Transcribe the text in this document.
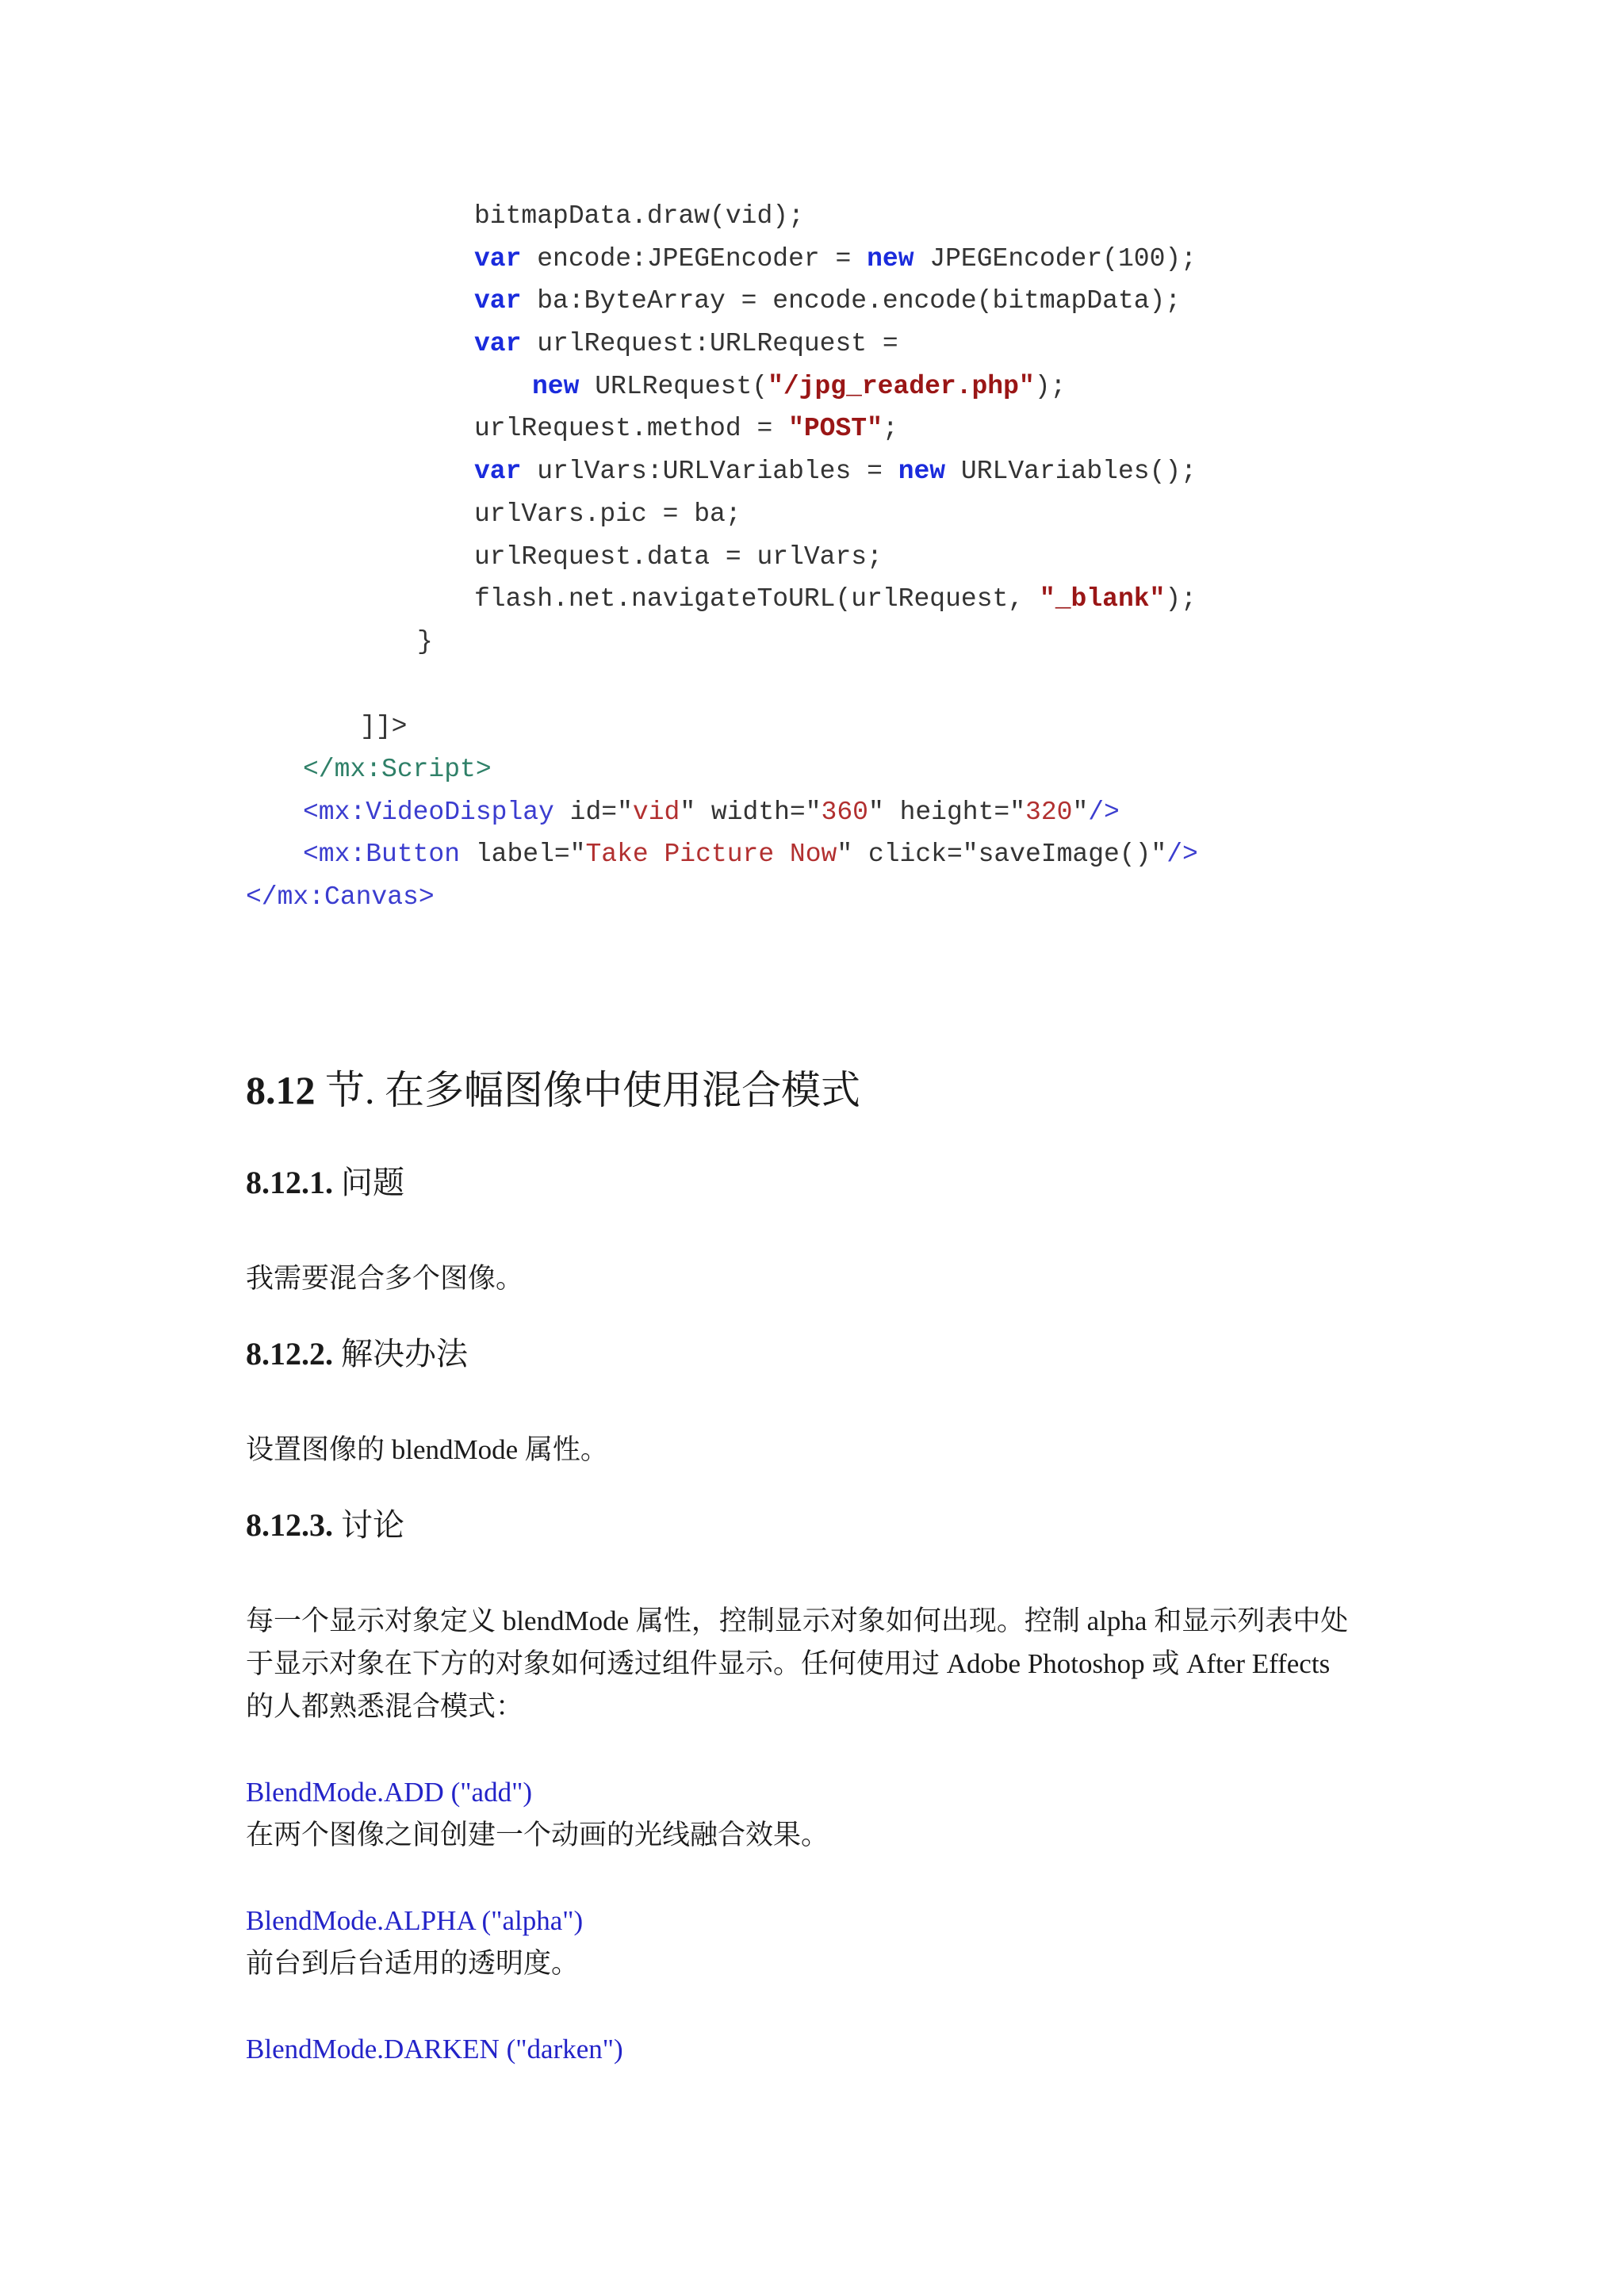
bitmapData.draw(vid);
var encode:JPEGEncoder = new JPEGEncoder(100);
var ba:ByteArray = encode.encode(bitmapData);
var urlRequest:URLRequest =
new URLRequest("/jpg_reader.php");
urlRequest.method = "POST";
var urlVars:URLVariables = new URLVariables();
urlVars.pic = ba;
urlRequest.data = urlVars;
flash.net.navigateToURL(urlRequest, "_blank");
}
]]>
</mx:Script>
<mx:VideoDisplay id="vid" width="360" height="320"/>
<mx:Button label="Take Picture Now" click="saveImage()"/>
</mx:Canvas>
8.12 节. 在多幅图像中使用混合模式
8.12.1. 问题
我需要混合多个图像。
8.12.2. 解决办法
设置图像的 blendMode 属性。
8.12.3. 讨论
每一个显示对象定义 blendMode 属性，控制显示对象如何出现。控制 alpha 和显示列表中处
于显示对象在下方的对象如何透过组件显示。任何使用过 Adobe Photoshop 或 After Effects
的人都熟悉混合模式：
BlendMode.ADD ("add")
在两个图像之间创建一个动画的光线融合效果。
BlendMode.ALPHA ("alpha")
前台到后台适用的透明度。
BlendMode.DARKEN ("darken")
